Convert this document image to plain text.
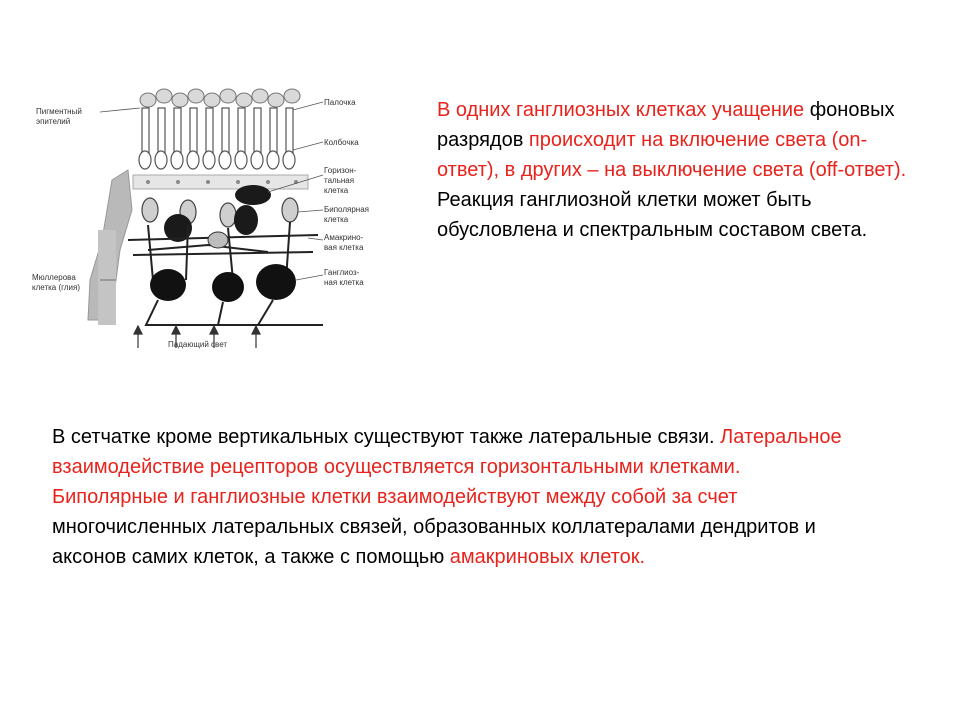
Пигментный
эпителий
Палочка
Колбочка
Горизон-
тальная
клетка
Биполярная
клетка
Амакрино-
вая клетка
Ганглиоз-
ная клетка
Мюллерова
клетка (глия)
Падающий свет
В одних ганглиозных клетках учащение фоновых разрядов происходит на включение света (on-ответ), в других – на выключение света (off-ответ). Реакция ганглиозной клетки может быть обусловлена и спектральным составом света.
В сетчатке кроме вертикальных существуют также латеральные связи. Латеральное взаимодействие рецепторов осуществляется горизонтальными клетками.
Биполярные и ганглиозные клетки взаимодействуют между собой за счет многочисленных латеральных связей, образованных коллатералами дендритов и аксонов самих клеток, а также с помощью амакриновых клеток.
